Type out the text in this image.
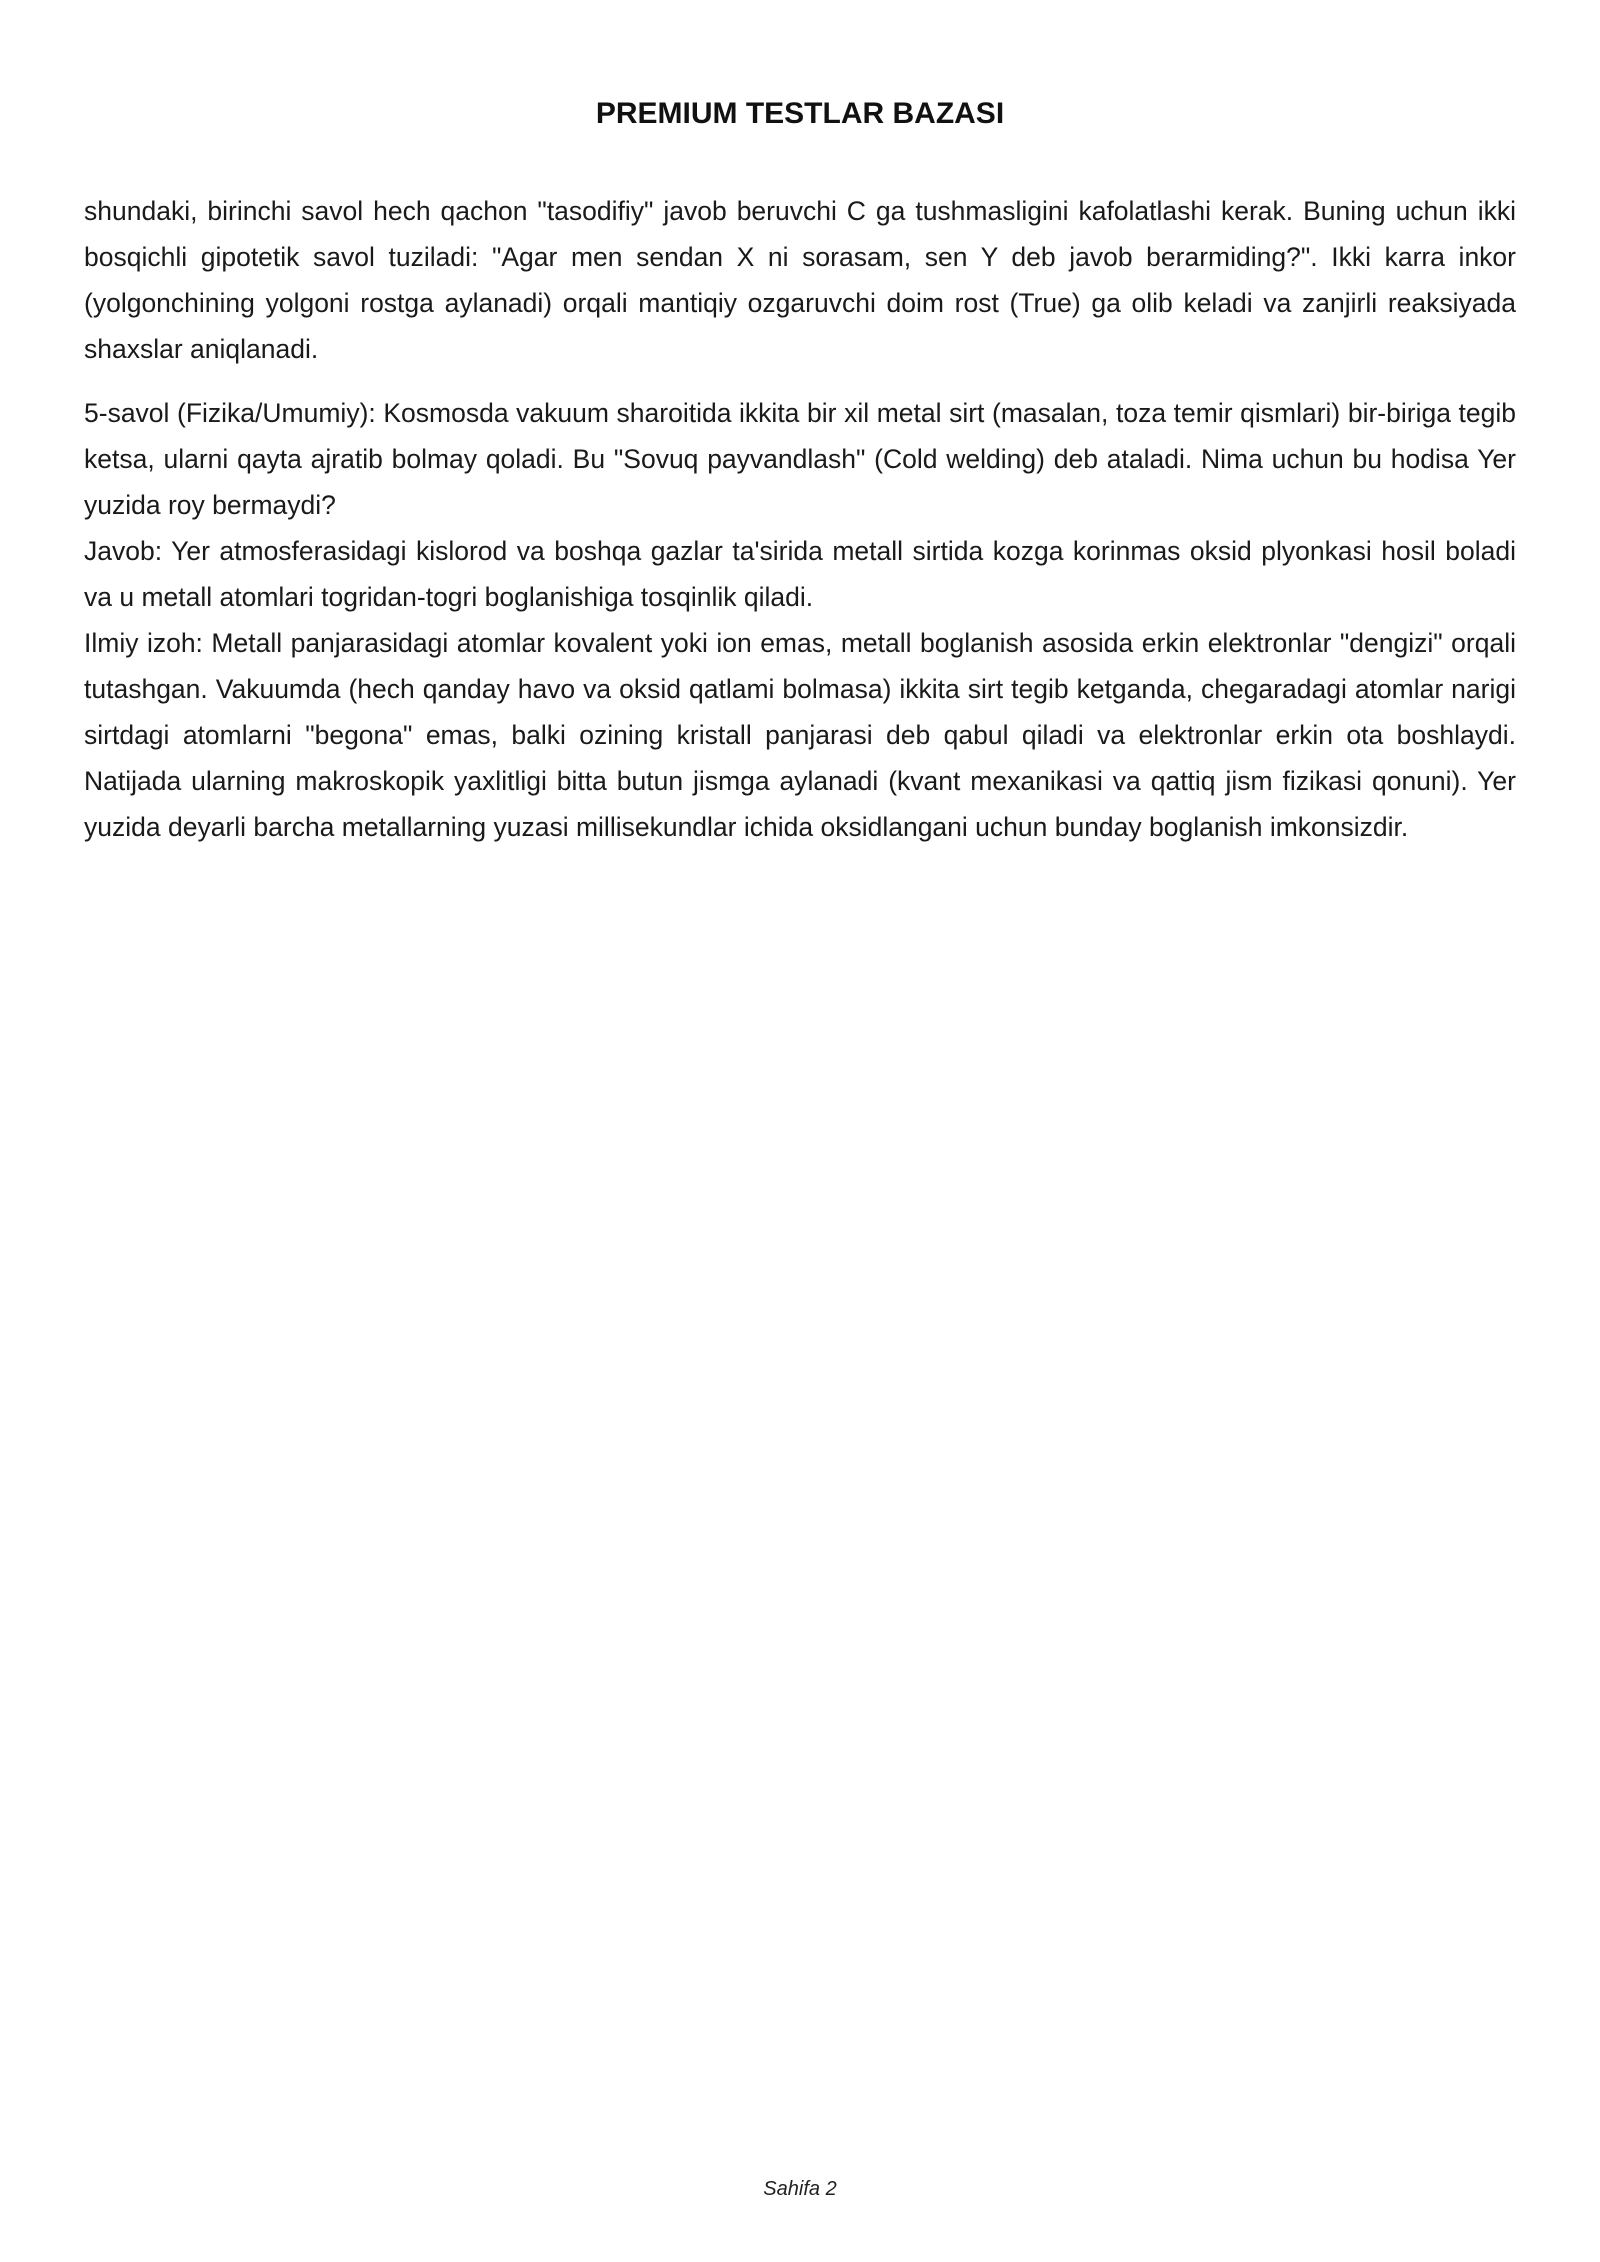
PREMIUM TESTLAR BAZASI

shundaki, birinchi savol hech qachon "tasodifiy" javob beruvchi C ga tushmasligini kafolatlashi kerak. Buning uchun ikki bosqichli gipotetik savol tuziladi: "Agar men sendan X ni sorasam, sen Y deb javob berarmiding?". Ikki karra inkor (yolgonchining yolgoni rostga aylanadi) orqali mantiqiy ozgaruvchi doim rost (True) ga olib keladi va zanjirli reaksiyada shaxslar aniqlanadi.

5-savol (Fizika/Umumiy): Kosmosda vakuum sharoitida ikkita bir xil metal sirt (masalan, toza temir qismlari) bir-biriga tegib ketsa, ularni qayta ajratib bolmay qoladi. Bu "Sovuq payvandlash" (Cold welding) deb ataladi. Nima uchun bu hodisa Yer yuzida roy bermaydi?

Javob: Yer atmosferasidagi kislorod va boshqa gazlar ta'sirida metall sirtida kozga korinmas oksid plyonkasi hosil boladi va u metall atomlari togridan-togri boglanishiga tosqinlik qiladi.

Ilmiy izoh: Metall panjarasidagi atomlar kovalent yoki ion emas, metall boglanish asosida erkin elektronlar "dengizi" orqali tutashgan. Vakuumda (hech qanday havo va oksid qatlami bolmasa) ikkita sirt tegib ketganda, chegaradagi atomlar narigi sirtdagi atomlarni "begona" emas, balki ozining kristall panjarasi deb qabul qiladi va elektronlar erkin ota boshlaydi. Natijada ularning makroskopik yaxlitligi bitta butun jismga aylanadi (kvant mexanikasi va qattiq jism fizikasi qonuni). Yer yuzida deyarli barcha metallarning yuzasi millisekundlar ichida oksidlangani uchun bunday boglanish imkonsizdir.

Sahifa 2
